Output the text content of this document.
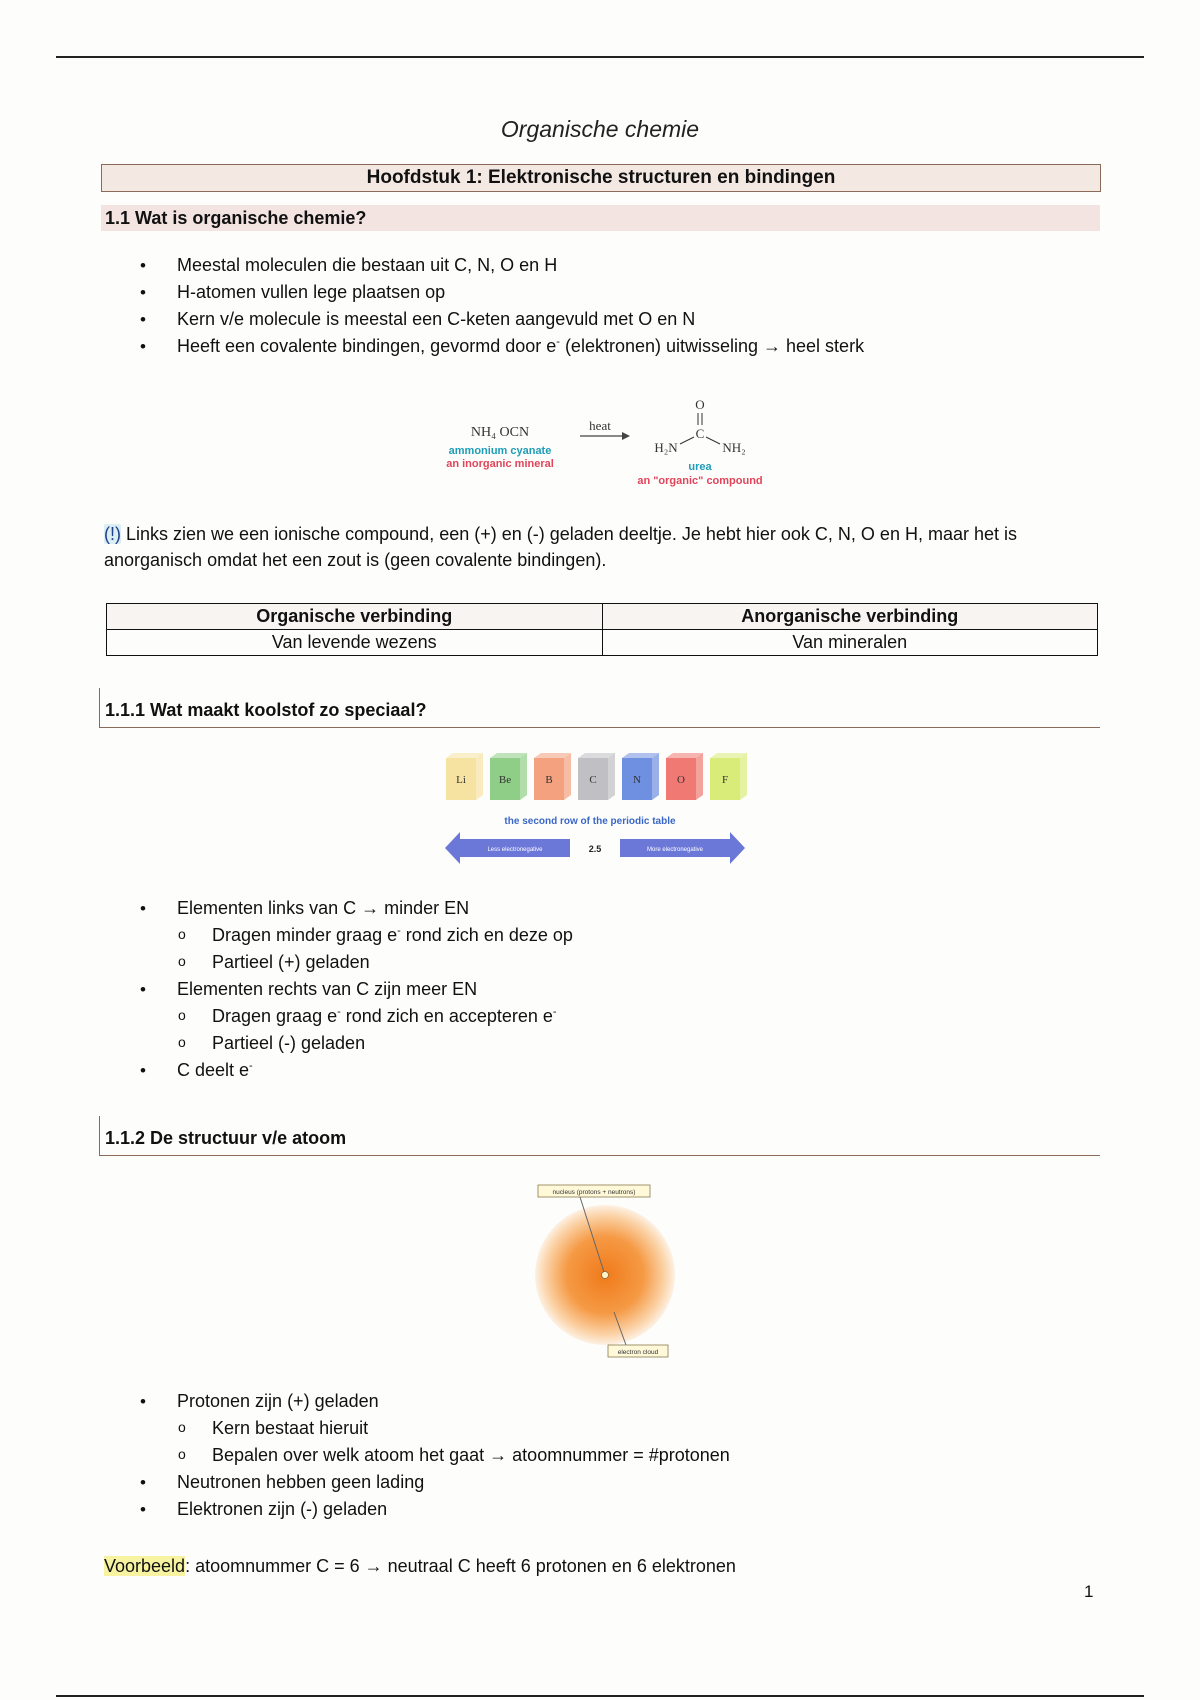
Organische chemie
Hoofdstuk 1: Elektronische structuren en bindingen
1.1 Wat is organische chemie?
• Meestal moleculen die bestaan uit C, N, O en H
• H-atomen vullen lege plaatsen op
• Kern v/e molecule is meestal een C-keten aangevuld met O en N
• Heeft een covalente bindingen, gevormd door e- (elektronen) uitwisseling → heel sterk
NH₄ OCN
ammonium cyanate
an inorganic mineral
heat
O
C
H₂N	NH₂
urea
an "organic" compound
(!) Links zien we een ionische compound, een (+) en (-) geladen deeltje. Je hebt hier ook C, N, O en H, maar het is anorganisch omdat het een zout is (geen covalente bindingen).
Organische verbinding	Anorganische verbinding
Van levende wezens	Van mineralen
1.1.1 Wat maakt koolstof zo speciaal?
Li	Be	B	C	N	O	F
the second row of the periodic table
Less electronegative	2.5	More electronegative
• Elementen links van C → minder EN
o Dragen minder graag e- rond zich en deze op
o Partieel (+) geladen
• Elementen rechts van C zijn meer EN
o Dragen graag e- rond zich en accepteren e-
o Partieel (-) geladen
• C deelt e-
1.1.2 De structuur v/e atoom
nucleus (protons + neutrons)
electron cloud
• Protonen zijn (+) geladen
o Kern bestaat hieruit
o Bepalen over welk atoom het gaat → atoomnummer = #protonen
• Neutronen hebben geen lading
• Elektronen zijn (-) geladen
Voorbeeld: atoomnummer C = 6 → neutraal C heeft 6 protonen en 6 elektronen
1
